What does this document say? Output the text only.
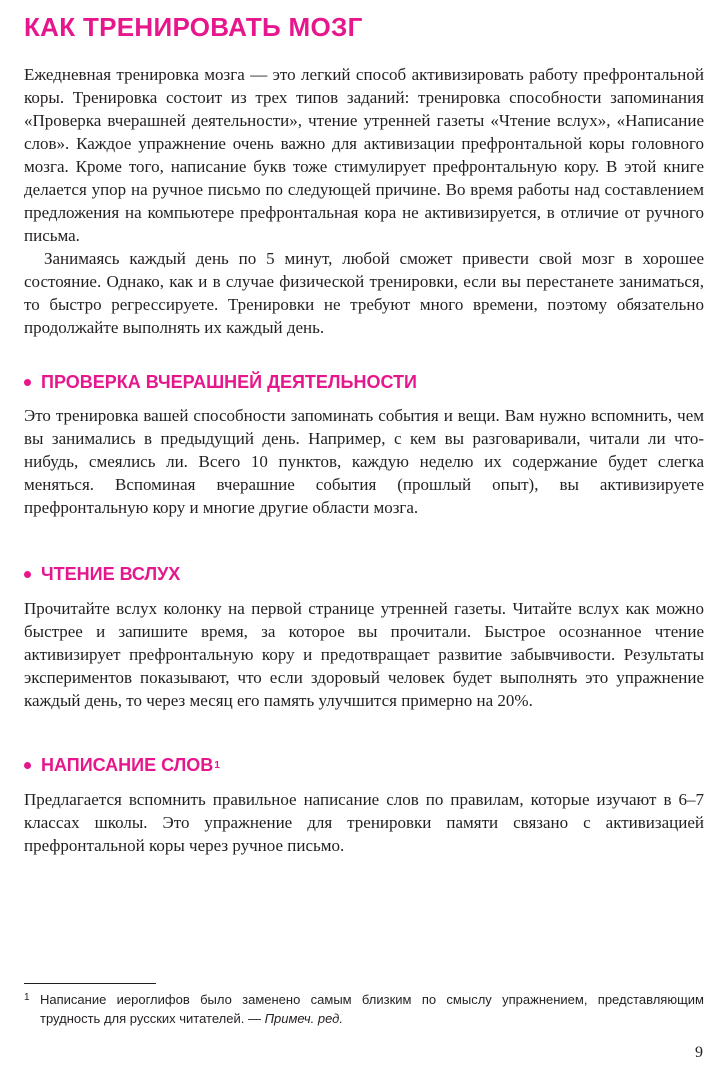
КАК ТРЕНИРОВАТЬ МОЗГ

Ежедневная тренировка мозга — это легкий способ активизировать работу префронтальной коры. Тренировка состоит из трех типов заданий: тренировка способности запоминания «Проверка вчерашней деятельности», чтение утренней газеты «Чтение вслух», «Написание слов». Каждое упражнение очень важно для активизации префронтальной коры головного мозга. Кроме того, написание букв тоже стимулирует префронтальную кору. В этой книге делается упор на ручное письмо по следующей причине. Во время работы над составлением предложения на компьютере префронтальная кора не активизируется, в отличие от ручного письма.

Занимаясь каждый день по 5 минут, любой сможет привести свой мозг в хорошее состояние. Однако, как и в случае физической тренировки, если вы перестанете заниматься, то быстро регрессируете. Тренировки не требуют много времени, поэтому обязательно продолжайте выполнять их каждый день.

ПРОВЕРКА ВЧЕРАШНЕЙ ДЕЯТЕЛЬНОСТИ

Это тренировка вашей способности запоминать события и вещи. Вам нужно вспомнить, чем вы занимались в предыдущий день. Например, с кем вы разговаривали, читали ли что-нибудь, смеялись ли. Всего 10 пунктов, каждую неделю их содержание будет слегка меняться. Вспоминая вчерашние события (прошлый опыт), вы активизируете префронтальную кору и многие другие области мозга.

ЧТЕНИЕ ВСЛУХ

Прочитайте вслух колонку на первой странице утренней газеты. Читайте вслух как можно быстрее и запишите время, за которое вы прочитали. Быстрое осознанное чтение активизирует префронтальную кору и предотвращает развитие забывчивости. Результаты экспериментов показывают, что если здоровый человек будет выполнять это упражнение каждый день, то через месяц его память улучшится примерно на 20%.

НАПИСАНИЕ СЛОВ 1

Предлагается вспомнить правильное написание слов по правилам, которые изучают в 6–7 классах школы. Это упражнение для тренировки памяти связано с активизацией префронтальной коры через ручное письмо.

1 Написание иероглифов было заменено самым близким по смыслу упражнением, представляющим трудность для русских читателей. — Примеч. ред.
9
